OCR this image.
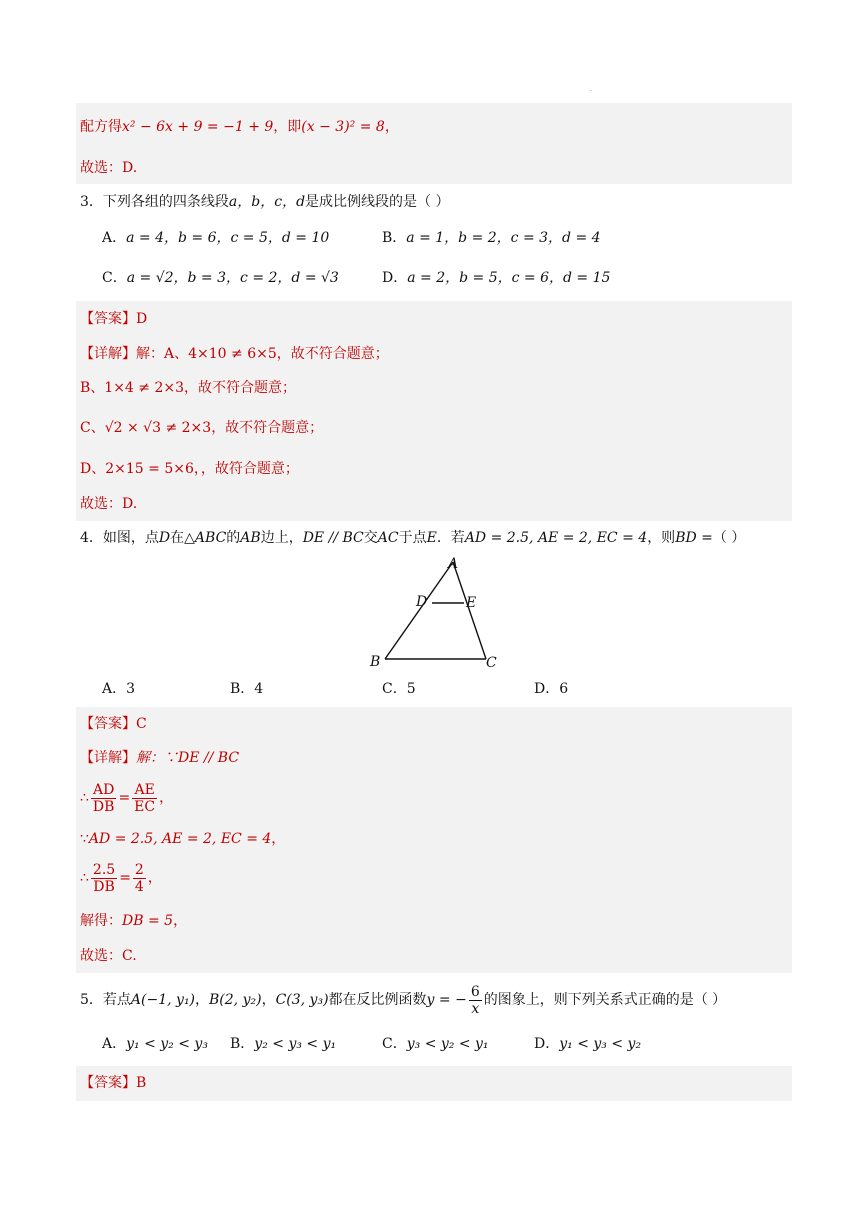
.
配方得x² − 6x + 9 = −1 + 9，即(x − 3)² = 8，
故选：D.
3．下列各组的四条线段a，b，c，d是成比例线段的是（ ）
A．a = 4，b = 6，c = 5，d = 10	B．a = 1，b = 2，c = 3，d = 4
C．a = √2，b = 3，c = 2，d = √3	D．a = 2，b = 5，c = 6，d = 15
【答案】D
【详解】解：A、4×10 ≠ 6×5，故不符合题意；
B、1×4 ≠ 2×3，故不符合题意；
C、√2 × √3 ≠ 2×3，故不符合题意；
D、2×15 = 5×6，，故符合题意；
故选：D.
4．如图，点D在△ABC的AB边上，DE // BC交AC于点E．若AD = 2.5, AE = 2, EC = 4，则BD =（ ）
A
D	E
B	C
A．3	B．4	C．5	D．6
【答案】C
【详解】解：∵DE // BC
∴ $\frac{AD}{DB} = \frac{AE}{EC}$ ，
∵AD = 2.5, AE = 2, EC = 4，
∴ $\frac{2.5}{DB} = \frac{2}{4}$ ，
解得：DB = 5，
故选：C.
5．若点A(−1, y₁)，B(2, y₂)，C(3, y₃)都在反比例函数y = − $\frac{6}{x}$ 的图象上，则下列关系式正确的是（ ）
A．y₁ < y₂ < y₃ B．y₂ < y₃ < y₁	C．y₃ < y₂ < y₁	D．y₁ < y₃ < y₂
【答案】B
